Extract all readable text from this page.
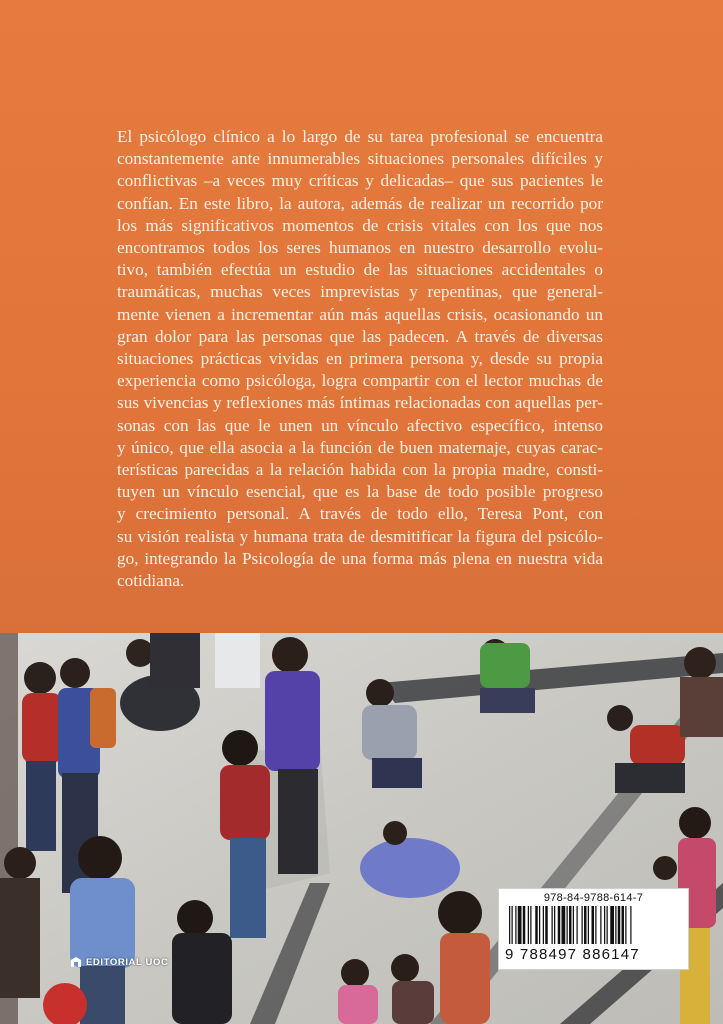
El psicólogo clínico a lo largo de su tarea profesional se encuentra
constantemente ante innumerables situaciones personales difíciles y
conflictivas –a veces muy críticas y delicadas– que sus pacientes le
confían. En este libro, la autora, además de realizar un recorrido por
los más significativos momentos de crisis vitales con los que nos
encontramos todos los seres humanos en nuestro desarrollo evolu-
tivo, también efectúa un estudio de las situaciones accidentales o
traumáticas, muchas veces imprevistas y repentinas, que general-
mente vienen a incrementar aún más aquellas crisis, ocasionando un
gran dolor para las personas que las padecen. A través de diversas
situaciones prácticas vividas en primera persona y, desde su propia
experiencia como psicóloga, logra compartir con el lector muchas de
sus vivencias y reflexiones más íntimas relacionadas con aquellas per-
sonas con las que le unen un vínculo afectivo específico, intenso
y único, que ella asocia a la función de buen maternaje, cuyas carac-
terísticas parecidas a la relación habida con la propia madre, consti-
tuyen un vínculo esencial, que es la base de todo posible progreso
y crecimiento personal. A través de todo ello, Teresa Pont, con
su visión realista y humana trata de desmitificar la figura del psicólo-
go, integrando la Psicología de una forma más plena en nuestra vida
cotidiana.
EDITORIAL UOC
978-84-9788-614-7
9 788497 886147
